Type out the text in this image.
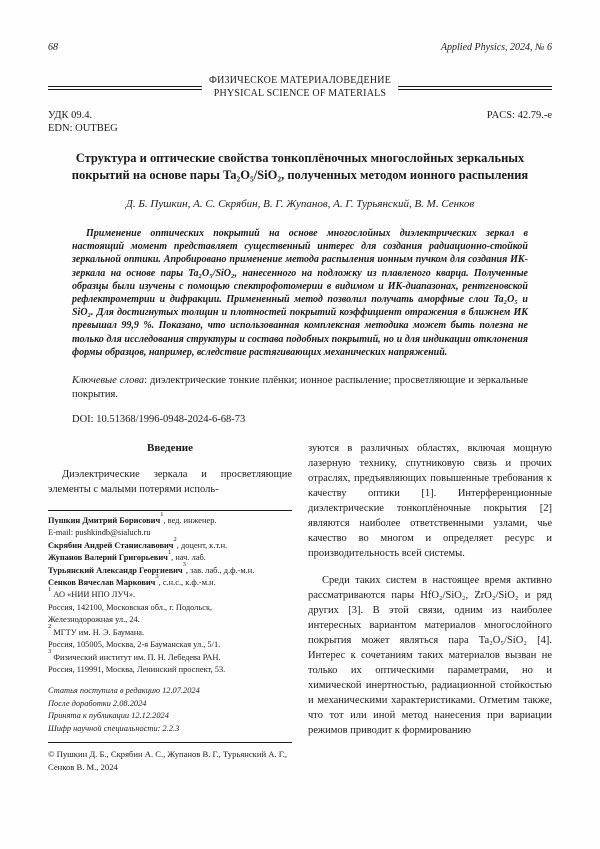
68	Applied Physics, 2024, № 6
ФИЗИЧЕСКОЕ МАТЕРИАЛОВЕДЕНИЕ
PHYSICAL SCIENCE OF MATERIALS
УДК 09.4.
EDN: OUTBEG
PACS: 42.79.-e
Структура и оптические свойства тонкоплёночных многослойных зеркальных покрытий на основе пары Ta₂O₅/SiO₂, полученных методом ионного распыления
Д. Б. Пушкин, А. С. Скрябин, В. Г. Жупанов, А. Г. Турьянский, В. М. Сенков
Применение оптических покрытий на основе многослойных диэлектрических зеркал в настоящий момент представляет существенный интерес для создания радиационно-стойкой зеркальной оптики. Апробировано применение метода распыления ионным пучком для создания ИК-зеркала на основе пары Ta₂O₅/SiO₂, нанесенного на подложку из плавленого кварца. Полученные образцы были изучены с помощью спектрофотомерии в видимом и ИК-диапазонах, рентгеновской рефлектрометрии и дифракции. Примененный метод позволил получать аморфные слои Ta₂O₅ и SiO₂. Для достигнутых толщин и плотностей покрытий коэффициент отражения в ближнем ИК превышал 99,9 %. Показано, что использованная комплексная методика может быть полезна не только для исследования структуры и состава подобных покрытий, но и для индикации отклонения формы образцов, например, вследствие растягивающих механических напряжений.
Ключевые слова: диэлектрические тонкие плёнки; ионное распыление; просветляющие и зеркальные покрытия.
DOI: 10.51368/1996-0948-2024-6-68-73
Введение

Диэлектрические зеркала и просветляющие элементы с малыми потерями исполь-

Пушкин Дмитрий Борисович$^1$, вед. инженер.
E-mail: pushkindb@sialuch.ru
Скрябин Андрей Станиславович$^2$, доцент, к.т.н.
Жупанов Валерий Григорьевич$^1$, нач. лаб.
Турьянский Александр Георгиевич$^3$, зав. лаб., д.ф.-м.н.
Сенков Вячеслав Маркович$^3$, с.н.с., к.ф.-м.н.
$^1$ АО «НИИ НПО ЛУЧ».
Россия, 142100, Московская обл., г. Подольск,
Железнодорожная ул., 24.
$^2$ МГТУ им. Н. Э. Баумана.
Россия, 105005, Москва, 2-я Бауманская ул., 5/1.
$^3$ Физический институт им. П. Н. Лебедева РАН.
Россия, 119991, Москва, Ленинский проспект, 53.
Статья поступила в редакцию 12.07.2024
После доработки 2.08.2024
Принята к публикации 12.12.2024
Шифр научной специальности: 2.2.3
© Пушкин Д. Б., Скрябин А. С., Жупанов В. Г., Турьянский А. Г., Сенков В. М., 2024

зуются в различных областях, включая мощную лазерную технику, спутниковую связь и прочих отраслях, предъявляющих повышенные требования к качеству оптики [1]. Интерференционные диэлектрические тонкоплёночные покрытия [2] являются наиболее ответственными узлами, чье качество во многом и определяет ресурс и производительность всей системы.

Среди таких систем в настоящее время активно рассматриваются пары HfO₂/SiO₂, ZrO₂/SiO₂ и ряд других [3]. В этой связи, одним из наиболее интересных вариантом материалов многослойного покрытия может являться пара Ta₂O₅/SiO₂ [4]. Интерес к сочетаниям таких материалов вызван не только их оптическими параметрами, но и химической инертностью, радиационной стойкостью и механическими характеристиками. Отметим также, что тот или иной метод нанесения при вариации режимов приводит к формированию
